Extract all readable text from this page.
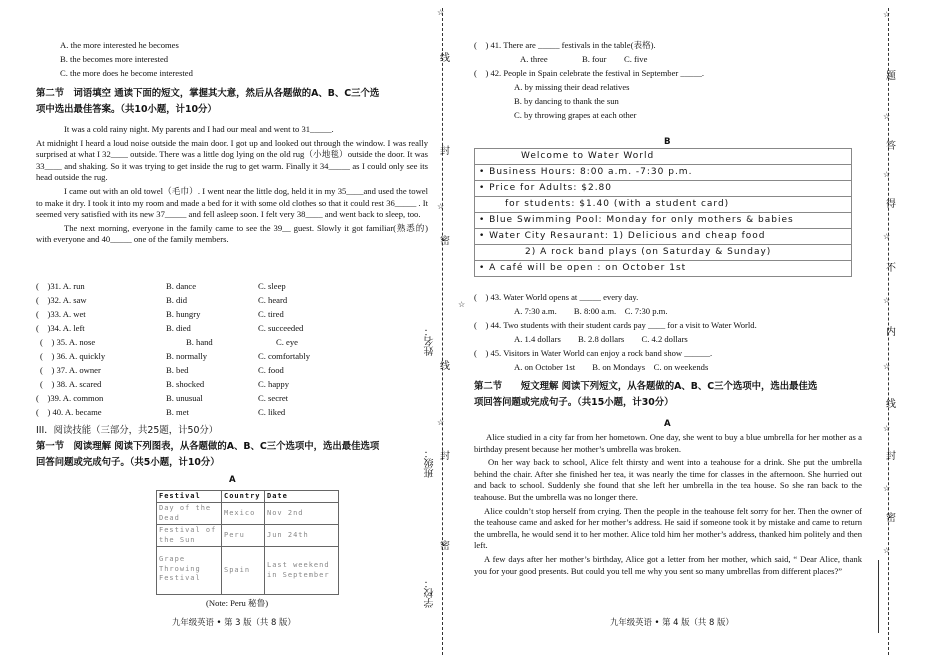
A. the more interested he becomes
B. the becomes more interested
C. the more does he become interested
第二节　词语填空 通读下面的短文，掌握其大意，然后从各题做的A、B、C三个选
项中选出最佳答案。（共10小题，计10分）

It was a cold rainy night. My parents and I had our meal and went to 31_____.

At midnight I heard a loud noise outside the main door. I got up and looked out through the window. I was really surprised at what I 32____ outside. There was a little dog lying on the old rug（小地毯）outside the door. It was 33____ and shaking. So it was trying to get inside the rug to get warm. Finally it 34_____ as I could only see its head outside the rug.

I came out with an old towel（毛巾）. I went near the little dog, held it in my 35____and used the towel to make it dry. I took it into my room and made a bed for it with some old clothes so that it could rest 36_____ . It seemed very satisfied with its new 37_____ and fell asleep soon. I felt very 38____ and went back to sleep, too.

The next morning, everyone in the family came to see the 39__ guest. Slowly it got familiar(熟悉的) with everyone and 40_____ one of the family members.

(　)31. A. run	B. dance	C. sleep
(　)32. A. saw	B. did	C. heard
(　)33. A. wet	B. hungry	C. tired
(　)34. A. left	B. died	C. succeeded
(　) 35. A. nose	B. hand	C. eye
(　) 36. A. quickly	B. normally	C. comfortably
(　) 37. A. owner	B. bed	C. food
(　) 38. A. scared	B. shocked	C. happy
(　)39. A. common	B. unusual	C. secret
(　) 40. A. became	B. met	C. liked
III．阅读技能（三部分，共25题，计50分）
第一节　阅读理解 阅读下列图表，从各题做的A、B、C三个选项中，选出最佳选项
回答问题或完成句子。（共5小题，计10分）
A
Festival	Country	Date
Day of the Dead	Mexico	Nov 2nd
Festival of the Sun	Peru	Jun 24th
Grape Throwing Festival	Spain	Last weekend in September
(Note: Peru 秘鲁)
九年级英语 • 第 3 版（共 8 版）
线
封
密
线
封
密
☆
☆
☆
☆
学校：
班级：
姓名：
(　) 41. There are _____ festivals in the table(表格).
A. three	B. four C. five
(　) 42. People in Spain celebrate the festival in September _____.
A. by missing their dead relatives
B. by dancing to thank the sun
C. by throwing grapes at each other
B
Welcome to Water World
• Business Hours: 8:00 a.m. -7:30 p.m.
• Price for Adults: $2.80
for students: $1.40 (with a student card)
• Blue Swimming Pool: Monday for only mothers & babies
• Water City Resaurant: 1) Delicious and cheap food
2) A rock band plays (on Saturday & Sunday)
• A café will be open : on October 1st
(　) 43. Water World opens at _____ every day.
A. 7:30 a.m.　　B. 8:00 a.m.　C. 7:30 p.m.
(　) 44. Two students with their student cards pay ____ for a visit to Water World.
A. 1.4 dollars　　B. 2.8 dollars　　C. 4.2 dollars
(　) 45. Visitors in Water World can enjoy a rock band show ______.
A. on October 1st　　B. on Mondays　C. on weekends
第二节　　短文理解 阅读下列短文，从各题做的A、B、C三个选项中，选出最佳选
项回答问题或完成句子。（共15小题，计30分）
A

Alice studied in a city far from her hometown. One day, she went to buy a blue umbrella for her mother as a birthday present because her mother’s umbrella was broken.

On her way back to school, Alice felt thirsty and went into a teahouse for a drink. She put the umbrella behind the chair. After she finished her tea, it was nearly the time for classes in the afternoon. She hurried out and back to school. Suddenly she found that she left her umbrella in the tea house. So she ran back to the teahouse. But the umbrella was no longer there.

Alice couldn’t stop herself from crying. Then the people in the teahouse felt sorry for her. Then the owner of the teahouse came and asked for her mother’s address. He said if someone took it by mistake and came to return the umbrella, he would send it to her mother. Alice told him her mother’s address, thanked him politely and then left.

A few days after her mother’s birthday, Alice got a letter from her mother, which said, “ Dear Alice, thank you for your good presents. But could you tell me why you sent so many umbrellas from different places?”

九年级英语 • 第 4 版（共 8 版）
题
答
得
不
内
线
封
密
☆
☆
☆
☆
☆
☆
☆
☆
☆
